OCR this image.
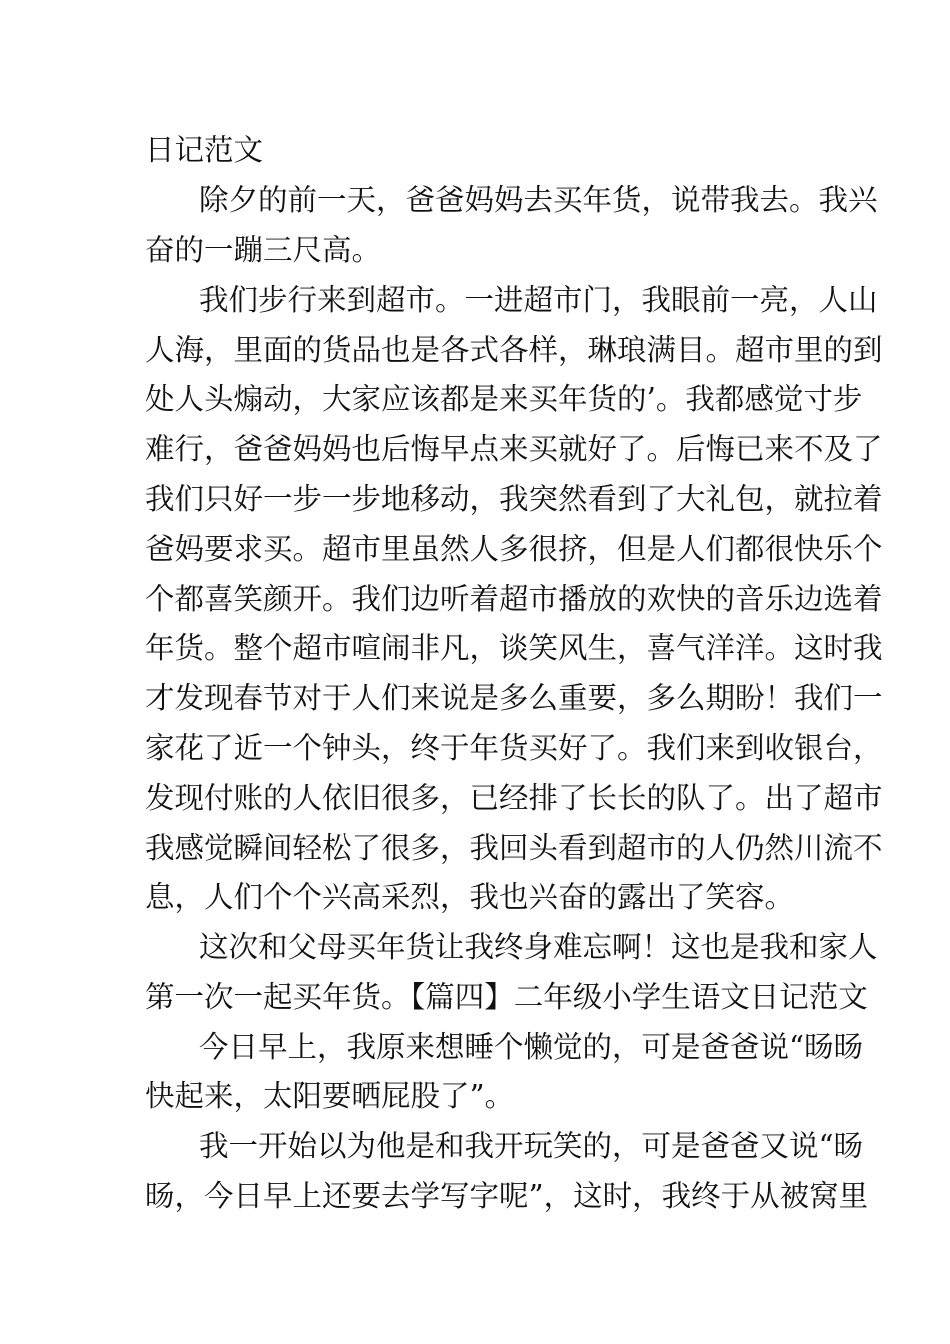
日记范文

除夕的前一天，爸爸妈妈去买年货，说带我去。我兴

奋的一蹦三尺高。

我们步行来到超市。一进超市门，我眼前一亮，人山

人海，里面的货品也是各式各样，琳琅满目。超市里的到

处人头煽动，大家应该都是来买年货的’。我都感觉寸步

难行，爸爸妈妈也后悔早点来买就好了。后悔已来不及了

我们只好一步一步地移动，我突然看到了大礼包，就拉着

爸妈要求买。超市里虽然人多很挤，但是人们都很快乐个

个都喜笑颜开。我们边听着超市播放的欢快的音乐边选着

年货。整个超市喧闹非凡，谈笑风生，喜气洋洋。这时我

才发现春节对于人们来说是多么重要，多么期盼！我们一

家花了近一个钟头，终于年货买好了。我们来到收银台，

发现付账的人依旧很多，已经排了长长的队了。出了超市

我感觉瞬间轻松了很多，我回头看到超市的人仍然川流不

息，人们个个兴高采烈，我也兴奋的露出了笑容。

这次和父母买年货让我终身难忘啊！这也是我和家人

第一次一起买年货。【篇四】二年级小学生语文日记范文

今日早上，我原来想睡个懒觉的，可是爸爸说“旸旸

快起来，太阳要晒屁股了”。

我一开始以为他是和我开玩笑的，可是爸爸又说“旸

旸，今日早上还要去学写字呢”，这时，我终于从被窝里
